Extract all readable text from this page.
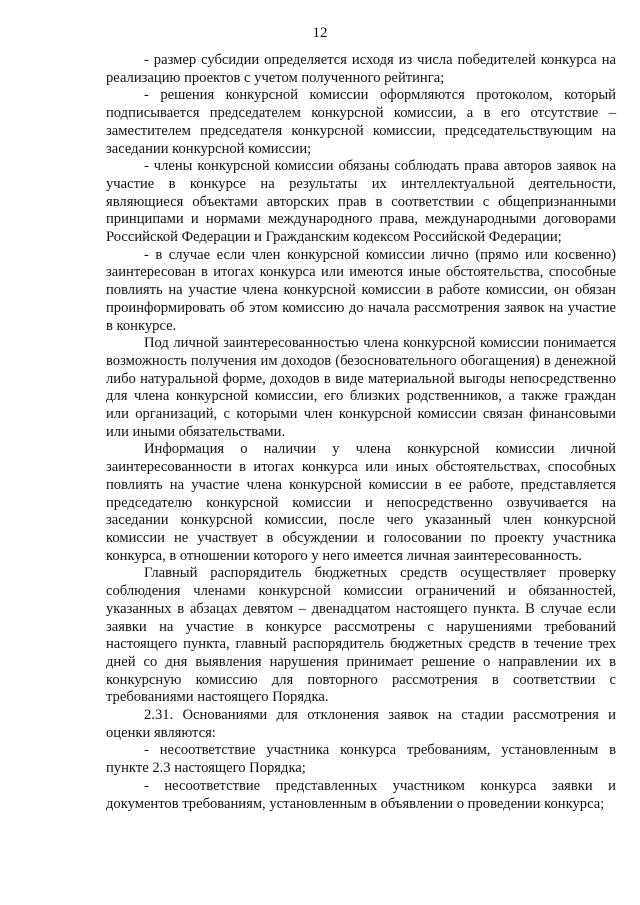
12

- размер субсидии определяется исходя из числа победителей конкурса на реализацию проектов с учетом полученного рейтинга;

- решения конкурсной комиссии оформляются протоколом, который подписывается председателем конкурсной комиссии, а в его отсутствие – заместителем председателя конкурсной комиссии, председательствующим на заседании конкурсной комиссии;

- члены конкурсной комиссии обязаны соблюдать права авторов заявок на участие в конкурсе на результаты их интеллектуальной деятельности, являющиеся объектами авторских прав в соответствии с общепризнанными принципами и нормами международного права, международными договорами Российской Федерации и Гражданским кодексом Российской Федерации;

- в случае если член конкурсной комиссии лично (прямо или косвенно) заинтересован в итогах конкурса или имеются иные обстоятельства, способные повлиять на участие члена конкурсной комиссии в работе комиссии, он обязан проинформировать об этом комиссию до начала рассмотрения заявок на участие в конкурсе.

Под личной заинтересованностью члена конкурсной комиссии понимается возможность получения им доходов (безосновательного обогащения) в денежной либо натуральной форме, доходов в виде материальной выгоды непосредственно для члена конкурсной комиссии, его близких родственников, а также граждан или организаций, с которыми член конкурсной комиссии связан финансовыми или иными обязательствами.

Информация о наличии у члена конкурсной комиссии личной заинтересованности в итогах конкурса или иных обстоятельствах, способных повлиять на участие члена конкурсной комиссии в ее работе, представляется председателю конкурсной комиссии и непосредственно озвучивается на заседании конкурсной комиссии, после чего указанный член конкурсной комиссии не участвует в обсуждении и голосовании по проекту участника конкурса, в отношении которого у него имеется личная заинтересованность.

Главный распорядитель бюджетных средств осуществляет проверку соблюдения членами конкурсной комиссии ограничений и обязанностей, указанных в абзацах девятом – двенадцатом настоящего пункта. В случае если заявки на участие в конкурсе рассмотрены с нарушениями требований настоящего пункта, главный распорядитель бюджетных средств в течение трех дней со дня выявления нарушения принимает решение о направлении их в конкурсную комиссию для повторного рассмотрения в соответствии с требованиями настоящего Порядка.

2.31. Основаниями для отклонения заявок на стадии рассмотрения и оценки являются:

- несоответствие участника конкурса требованиям, установленным в пункте 2.3 настоящего Порядка;

- несоответствие представленных участником конкурса заявки и документов требованиям, установленным в объявлении о проведении конкурса;
